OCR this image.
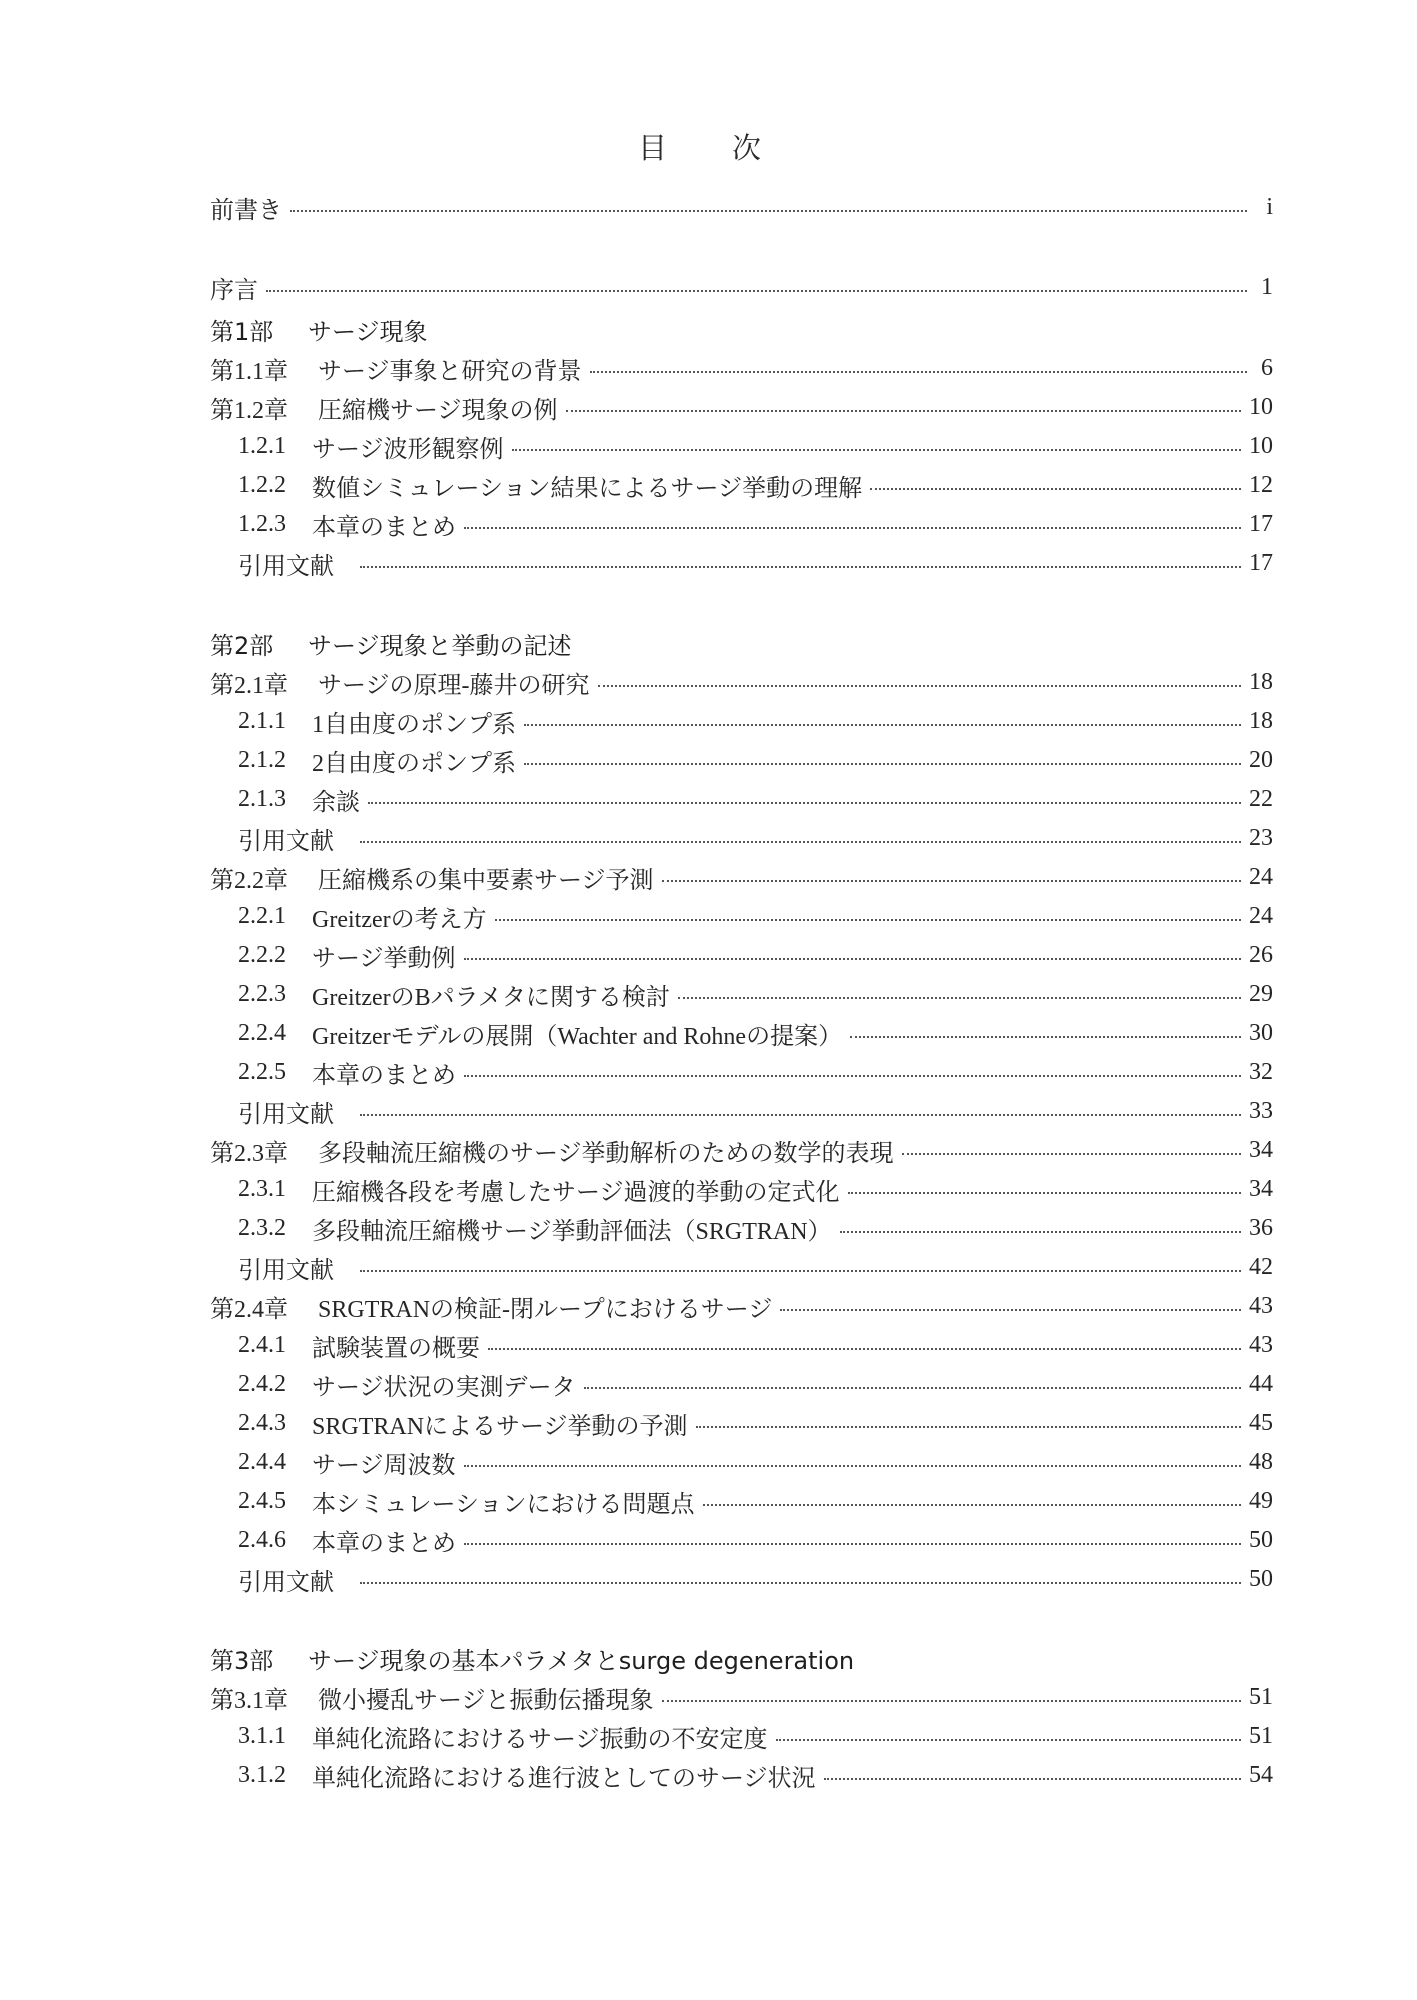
目　次
前書き	i
序言	1
第1部	サージ現象
第1.1章	サージ事象と研究の背景	6
第1.2章	圧縮機サージ現象の例	10
1.2.1	サージ波形観察例	10
1.2.2	数値シミュレーション結果によるサージ挙動の理解	12
1.2.3	本章のまとめ	17
引用文献	17
第2部	サージ現象と挙動の記述
第2.1章	サージの原理-藤井の研究	18
2.1.1	1自由度のポンプ系	18
2.1.2	2自由度のポンプ系	20
2.1.3	余談	22
引用文献	23
第2.2章	圧縮機系の集中要素サージ予測	24
2.2.1	Greitzerの考え方	24
2.2.2	サージ挙動例	26
2.2.3	GreitzerのBパラメタに関する検討	29
2.2.4	Greitzerモデルの展開（Wachter and Rohneの提案）	30
2.2.5	本章のまとめ	32
引用文献	33
第2.3章	多段軸流圧縮機のサージ挙動解析のための数学的表現	34
2.3.1	圧縮機各段を考慮したサージ過渡的挙動の定式化	34
2.3.2	多段軸流圧縮機サージ挙動評価法（SRGTRAN）	36
引用文献	42
第2.4章	SRGTRANの検証-閉ループにおけるサージ	43
2.4.1	試験装置の概要	43
2.4.2	サージ状況の実測データ	44
2.4.3	SRGTRANによるサージ挙動の予測	45
2.4.4	サージ周波数	48
2.4.5	本シミュレーションにおける問題点	49
2.4.6	本章のまとめ	50
引用文献	50
第3部	サージ現象の基本パラメタとsurge degeneration
第3.1章	微小擾乱サージと振動伝播現象	51
3.1.1	単純化流路におけるサージ振動の不安定度	51
3.1.2	単純化流路における進行波としてのサージ状況	54
